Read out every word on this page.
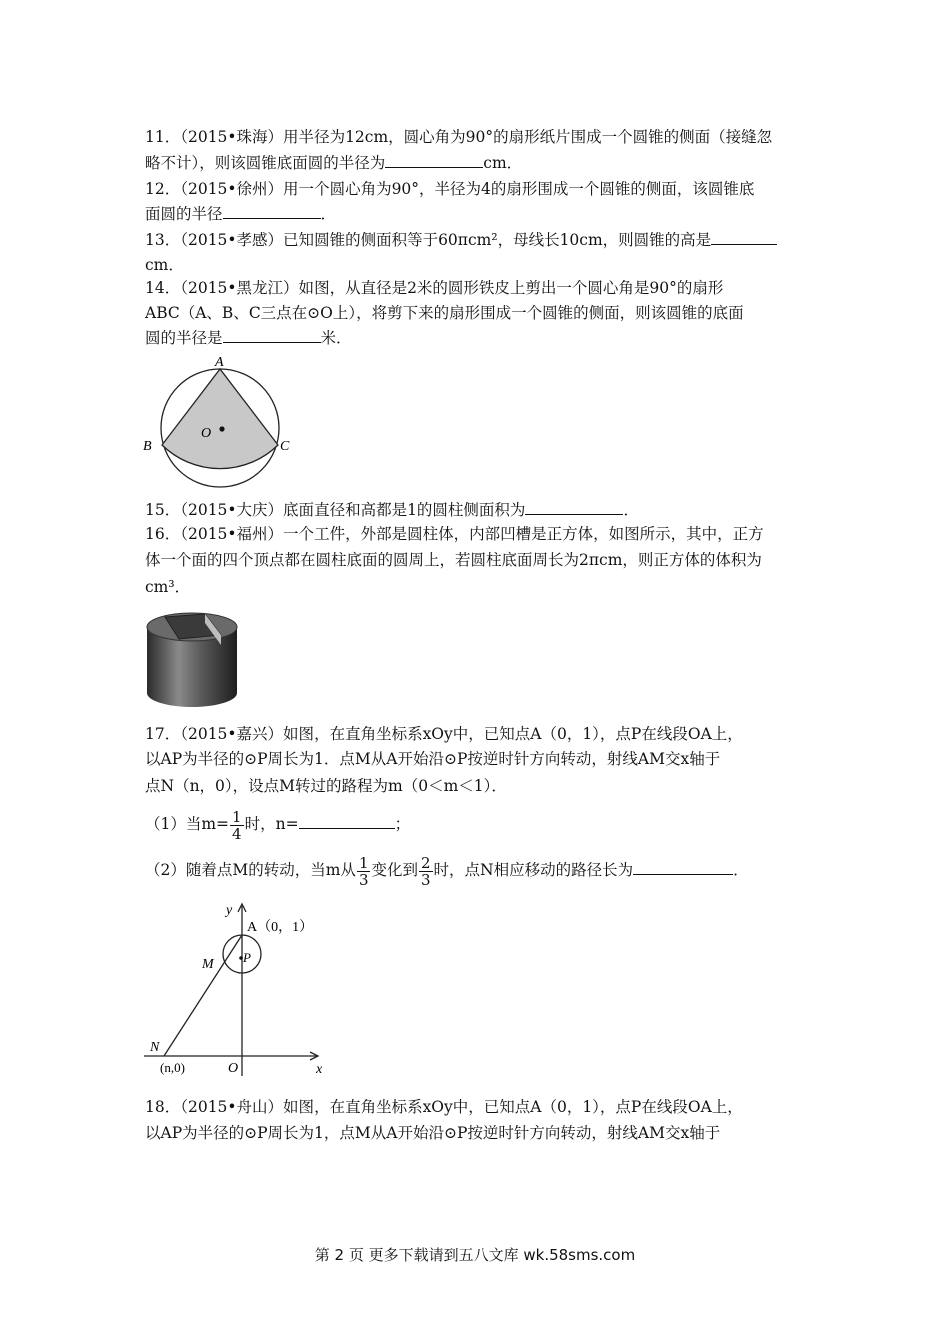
11．（2015•珠海）用半径为12cm，圆心角为90°的扇形纸片围成一个圆锥的侧面（接缝忽
略不计），则该圆锥底面圆的半径为	cm．
12．（2015•徐州）用一个圆心角为90°，半径为4的扇形围成一个圆锥的侧面，该圆锥底
面圆的半径	．
13．（2015•孝感）已知圆锥的侧面积等于60πcm²，母线长10cm，则圆锥的高是
cm．
14．（2015•黑龙江）如图，从直径是2米的圆形铁皮上剪出一个圆心角是90°的扇形
ABC（A、B、C三点在⊙O上），将剪下来的扇形围成一个圆锥的侧面，则该圆锥的底面
圆的半径是	米．
A
B	C
O
15．（2015•大庆）底面直径和高都是1的圆柱侧面积为	．
16．（2015•福州）一个工件，外部是圆柱体，内部凹槽是正方体，如图所示，其中，正方
体一个面的四个顶点都在圆柱底面的圆周上，若圆柱底面周长为2πcm，则正方体的体积为
cm³．
17．（2015•嘉兴）如图，在直角坐标系xOy中，已知点A（0，1），点P在线段OA上，
以AP为半径的⊙P周长为1．点M从A开始沿⊙P按逆时针方向转动，射线AM交x轴于
点N（n，0），设点M转过的路程为m（0＜m＜1）．
（1）当$m= \frac{1}{4}$ 时，n=	；
（2）随着点M的转动，当m从 $\frac{1}{3}$ 变化到 $\frac{2}{3}$ 时，点N相应移动的路径长为	．
y
A（0，1）
P
M
N
(n,0)	O	x
18．（2015•舟山）如图，在直角坐标系xOy中，已知点A（0，1），点P在线段OA上，
以AP为半径的⊙P周长为1，点M从A开始沿⊙P按逆时针方向转动，射线AM交x轴于
第 2 页 更多下载请到五八文库 wk.58sms.com
